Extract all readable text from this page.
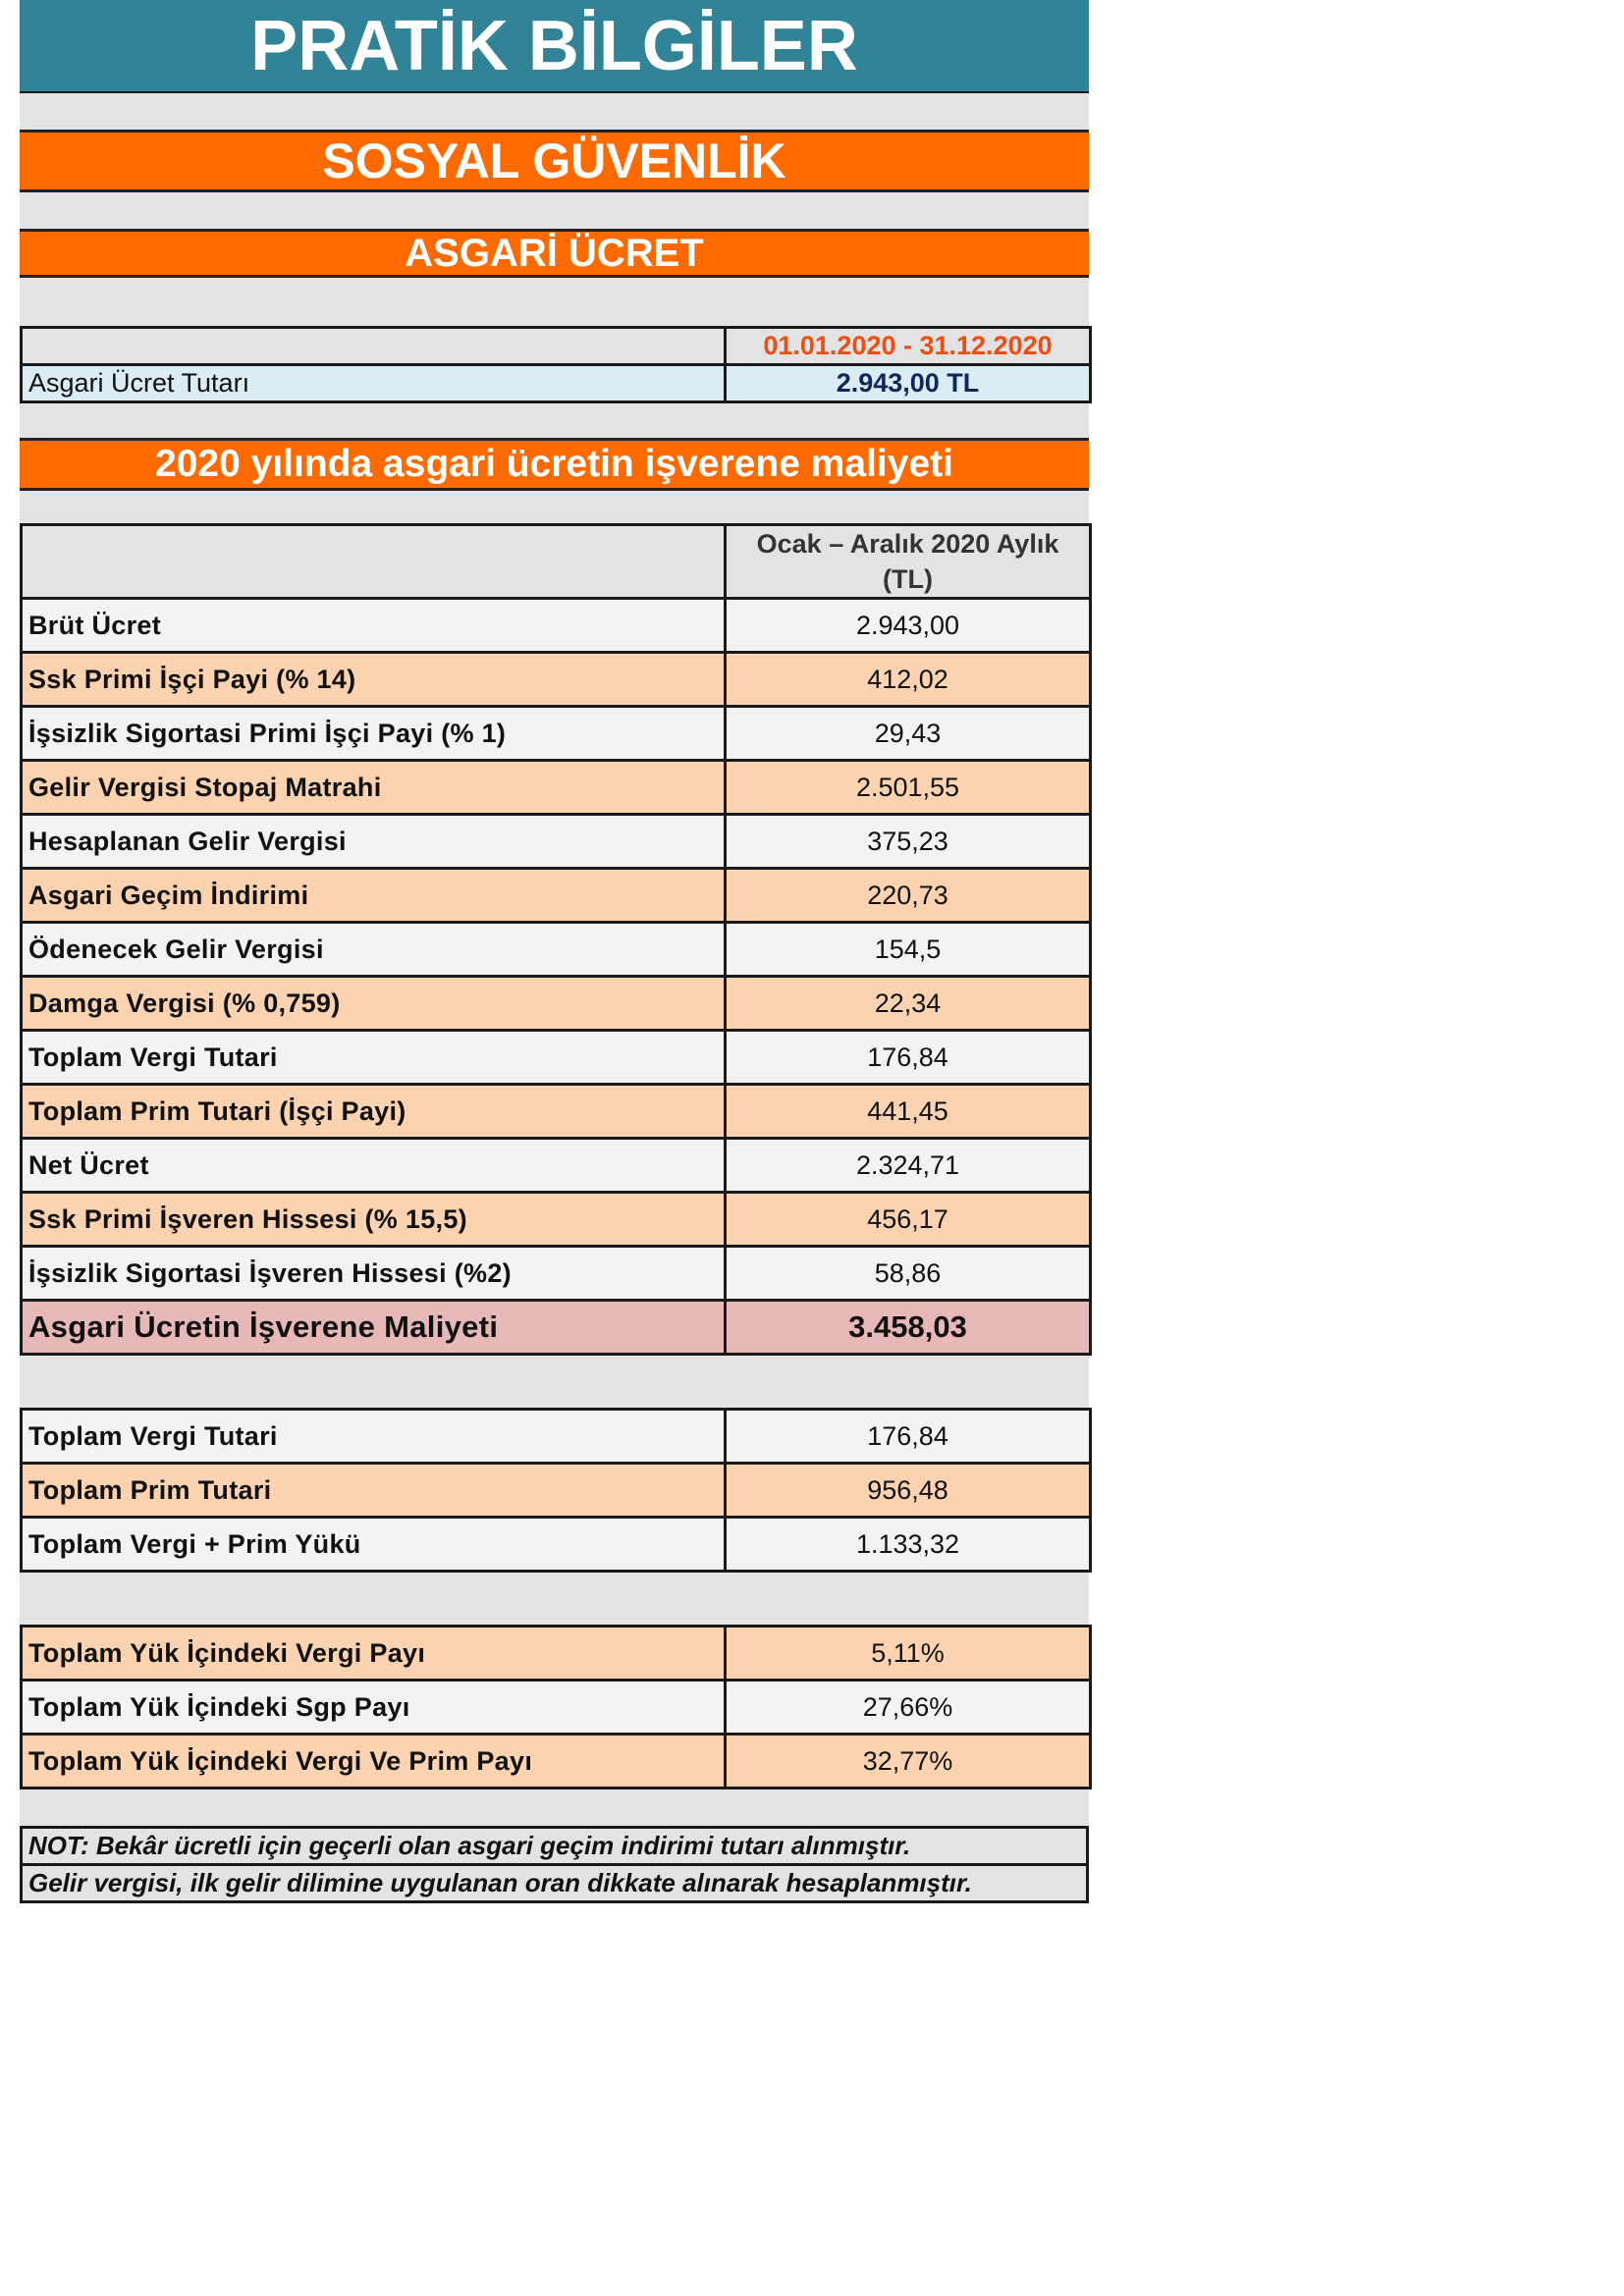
PRATİK BİLGİLER
SOSYAL GÜVENLİK
ASGARİ ÜCRET
	01.01.2020 - 31.12.2020
Asgari Ücret Tutarı	2.943,00 TL
2020 yılında asgari ücretin işverene maliyeti
	Ocak – Aralık 2020 Aylık (TL)
Brüt Ücret	2.943,00
Ssk Primi İşçi Payi (% 14)	412,02
İşsizlik Sigortasi Primi İşçi Payi (% 1)	29,43
Gelir Vergisi Stopaj Matrahi	2.501,55
Hesaplanan Gelir Vergisi	375,23
Asgari Geçim İndirimi	220,73
Ödenecek Gelir Vergisi	154,5
Damga Vergisi (% 0,759)	22,34
Toplam Vergi Tutari	176,84
Toplam Prim Tutari (İşçi Payi)	441,45
Net Ücret	2.324,71
Ssk Primi İşveren Hissesi (% 15,5)	456,17
İşsizlik Sigortasi İşveren Hissesi (%2)	58,86
Asgari Ücretin İşverene Maliyeti	3.458,03
Toplam Vergi Tutari	176,84
Toplam Prim Tutari	956,48
Toplam Vergi + Prim Yükü	1.133,32
Toplam Yük İçindeki Vergi Payı	5,11%
Toplam Yük İçindeki Sgp Payı	27,66%
Toplam Yük İçindeki Vergi Ve Prim Payı	32,77%
NOT: Bekâr ücretli için geçerli olan asgari geçim indirimi tutarı alınmıştır.
Gelir vergisi, ilk gelir dilimine uygulanan oran dikkate alınarak hesaplanmıştır.
